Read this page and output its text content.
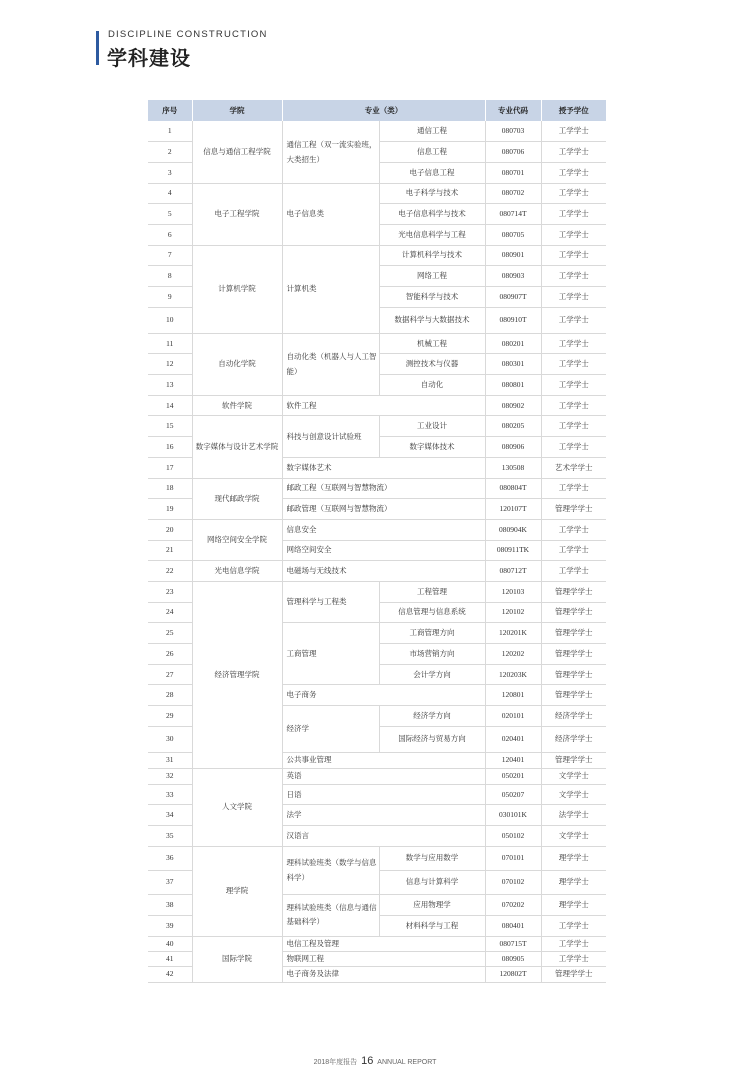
DISCIPLINE CONSTRUCTION
学科建设
序号	学院	专业（类）		专业代码	授予学位
1	信息与通信工程学院	通信工程（双一流实验班，大类招生）	通信工程	080703	工学学士
2			信息工程	080706	工学学士
3			电子信息工程	080701	工学学士
4	电子工程学院	电子信息类	电子科学与技术	080702	工学学士
5			电子信息科学与技术	080714T	工学学士
6			光电信息科学与工程	080705	工学学士
7	计算机学院	计算机类	计算机科学与技术	080901	工学学士
8			网络工程	080903	工学学士
9			智能科学与技术	080907T	工学学士
10			数据科学与大数据技术	080910T	工学学士
11	自动化学院	自动化类（机器人与人工智能）	机械工程	080201	工学学士
12			测控技术与仪器	080301	工学学士
13			自动化	080801	工学学士
14	软件学院	软件工程		080902	工学学士
15	数字媒体与设计艺术学院	科技与创意设计试验班	工业设计	080205	工学学士
16			数字媒体技术	080906	工学学士
17		数字媒体艺术		130508	艺术学学士
18	现代邮政学院	邮政工程（互联网与智慧物流）		080804T	工学学士
19		邮政管理（互联网与智慧物流）		120107T	管理学学士
20	网络空间安全学院	信息安全		080904K	工学学士
21		网络空间安全		080911TK	工学学士
22	光电信息学院	电磁场与无线技术		080712T	工学学士
23	经济管理学院	管理科学与工程类	工程管理	120103	管理学学士
24			信息管理与信息系统	120102	管理学学士
25		工商管理	工商管理方向	120201K	管理学学士
26			市场营销方向	120202	管理学学士
27			会计学方向	120203K	管理学学士
28		电子商务		120801	管理学学士
29		经济学	经济学方向	020101	经济学学士
30			国际经济与贸易方向	020401	经济学学士
31		公共事业管理		120401	管理学学士
32	人文学院	英语		050201	文学学士
33		日语		050207	文学学士
34		法学		030101K	法学学士
35		汉语言		050102	文学学士
36	理学院	理科试验班类（数学与信息科学）	数学与应用数学	070101	理学学士
37			信息与计算科学	070102	理学学士
38		理科试验班类（信息与通信基础科学）	应用物理学	070202	理学学士
39			材料科学与工程	080401	工学学士
40	国际学院	电信工程及管理		080715T	工学学士
41		物联网工程		080905	工学学士
42		电子商务及法律		120802T	管理学学士
2018年度报告 16 ANNUAL REPORT
